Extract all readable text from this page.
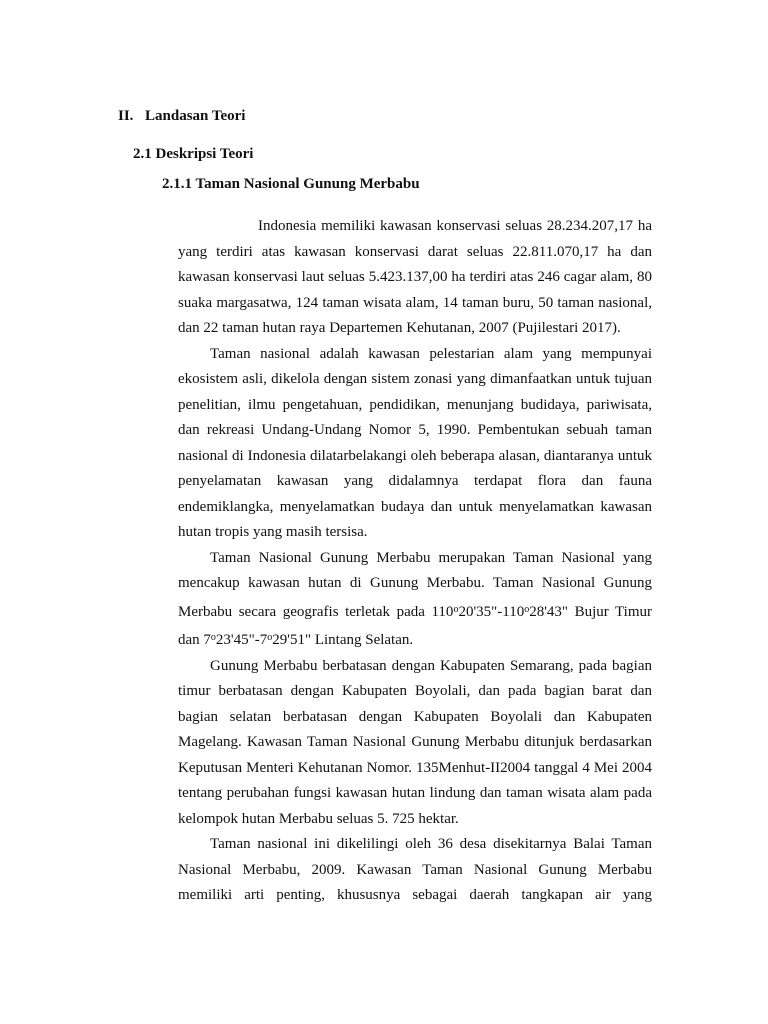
II. Landasan Teori
2.1 Deskripsi Teori
2.1.1 Taman Nasional Gunung Merbabu

Indonesia memiliki kawasan konservasi seluas 28.234.207,17 ha yang terdiri atas kawasan konservasi darat seluas 22.811.070,17 ha dan kawasan konservasi laut seluas 5.423.137,00 ha terdiri atas 246 cagar alam, 80 suaka margasatwa, 124 taman wisata alam, 14 taman buru, 50 taman nasional, dan 22 taman hutan raya Departemen Kehutanan, 2007 (Pujilestari 2017).

Taman nasional adalah kawasan pelestarian alam yang mempunyai ekosistem asli, dikelola dengan sistem zonasi yang dimanfaatkan untuk tujuan penelitian, ilmu pengetahuan, pendidikan, menunjang budidaya, pariwisata, dan rekreasi Undang-Undang Nomor 5, 1990. Pembentukan sebuah taman nasional di Indonesia dilatarbelakangi oleh beberapa alasan, diantaranya untuk penyelamatan kawasan yang didalamnya terdapat flora dan fauna endemiklangka, menyelamatkan budaya dan untuk menyelamatkan kawasan hutan tropis yang masih tersisa.

Taman Nasional Gunung Merbabu merupakan Taman Nasional yang mencakup kawasan hutan di Gunung Merbabu. Taman Nasional Gunung Merbabu secara geografis terletak pada 110$^o$20'35"-110$^o$28'43" Bujur Timur dan 7$^o$23'45"-7$^o$29'51" Lintang Selatan.

Gunung Merbabu berbatasan dengan Kabupaten Semarang, pada bagian timur berbatasan dengan Kabupaten Boyolali, dan pada bagian barat dan bagian selatan berbatasan dengan Kabupaten Boyolali dan Kabupaten Magelang. Kawasan Taman Nasional Gunung Merbabu ditunjuk berdasarkan Keputusan Menteri Kehutanan Nomor. 135Menhut-II2004 tanggal 4 Mei 2004 tentang perubahan fungsi kawasan hutan lindung dan taman wisata alam pada kelompok hutan Merbabu seluas 5. 725 hektar.

Taman nasional ini dikelilingi oleh 36 desa disekitarnya Balai Taman Nasional Merbabu, 2009. Kawasan Taman Nasional Gunung Merbabu memiliki arti penting, khususnya sebagai daerah tangkapan air yang
